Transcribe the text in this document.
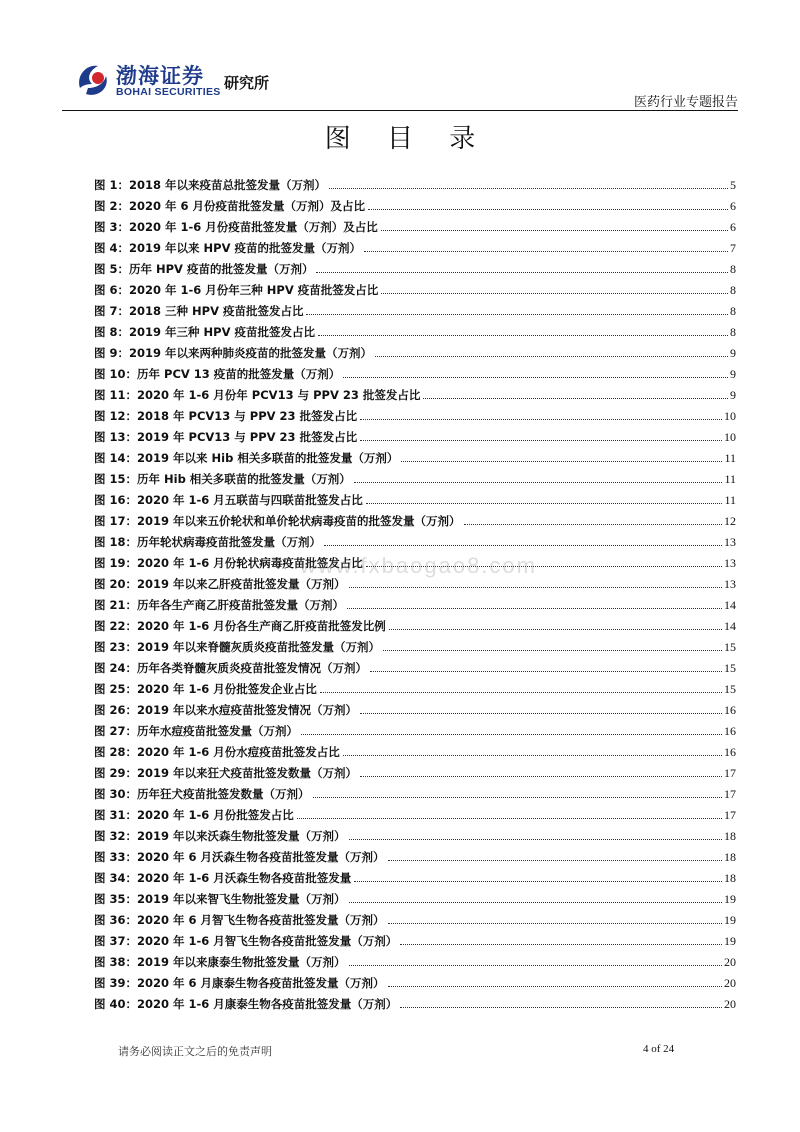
渤海证券
BOHAI SECURITIES 研究所
医药行业专题报告
图 目 录
图 1：2018 年以来疫苗总批签发量（万剂）	5
图 2：2020 年 6 月份疫苗批签发量（万剂）及占比	6
图 3：2020 年 1-6 月份疫苗批签发量（万剂）及占比	6
图 4：2019 年以来 HPV 疫苗的批签发量（万剂）	7
图 5：历年 HPV 疫苗的批签发量（万剂）	8
图 6：2020 年 1-6 月份年三种 HPV 疫苗批签发占比	8
图 7：2018 三种 HPV 疫苗批签发占比	8
图 8：2019 年三种 HPV 疫苗批签发占比	8
图 9：2019 年以来两种肺炎疫苗的批签发量（万剂）	9
图 10：历年 PCV 13 疫苗的批签发量（万剂）	9
图 11：2020 年 1-6 月份年 PCV13 与 PPV 23 批签发占比	9
图 12：2018 年 PCV13 与 PPV 23 批签发占比	10
图 13：2019 年 PCV13 与 PPV 23 批签发占比	10
图 14：2019 年以来 Hib 相关多联苗的批签发量（万剂）	11
图 15：历年 Hib 相关多联苗的批签发量（万剂）	11
图 16：2020 年 1-6 月五联苗与四联苗批签发占比	11
图 17：2019 年以来五价轮状和单价轮状病毒疫苗的批签发量（万剂）	12
图 18：历年轮状病毒疫苗批签发量（万剂）	13
图 19：2020 年 1-6 月份轮状病毒疫苗批签发占比	13
图 20：2019 年以来乙肝疫苗批签发量（万剂）	13
图 21：历年各生产商乙肝疫苗批签发量（万剂）	14
图 22：2020 年 1-6 月份各生产商乙肝疫苗批签发比例	14
图 23：2019 年以来脊髓灰质炎疫苗批签发量（万剂）	15
图 24：历年各类脊髓灰质炎疫苗批签发情况（万剂）	15
图 25：2020 年 1-6 月份批签发企业占比	15
图 26：2019 年以来水痘疫苗批签发情况（万剂）	16
图 27：历年水痘疫苗批签发量（万剂）	16
图 28：2020 年 1-6 月份水痘疫苗批签发占比	16
图 29：2019 年以来狂犬疫苗批签发数量（万剂）	17
图 30：历年狂犬疫苗批签发数量（万剂）	17
图 31：2020 年 1-6 月份批签发占比	17
图 32：2019 年以来沃森生物批签发量（万剂）	18
图 33：2020 年 6 月沃森生物各疫苗批签发量（万剂）	18
图 34：2020 年 1-6 月沃森生物各疫苗批签发量	18
图 35：2019 年以来智飞生物批签发量（万剂）	19
图 36：2020 年 6 月智飞生物各疫苗批签发量（万剂）	19
图 37：2020 年 1-6 月智飞生物各疫苗批签发量（万剂）	19
图 38：2019 年以来康泰生物批签发量（万剂）	20
图 39：2020 年 6 月康泰生物各疫苗批签发量（万剂）	20
图 40：2020 年 1-6 月康泰生物各疫苗批签发量（万剂）	20
www.fxbaogao8.com
请务必阅读正文之后的免责声明	4 of 24
